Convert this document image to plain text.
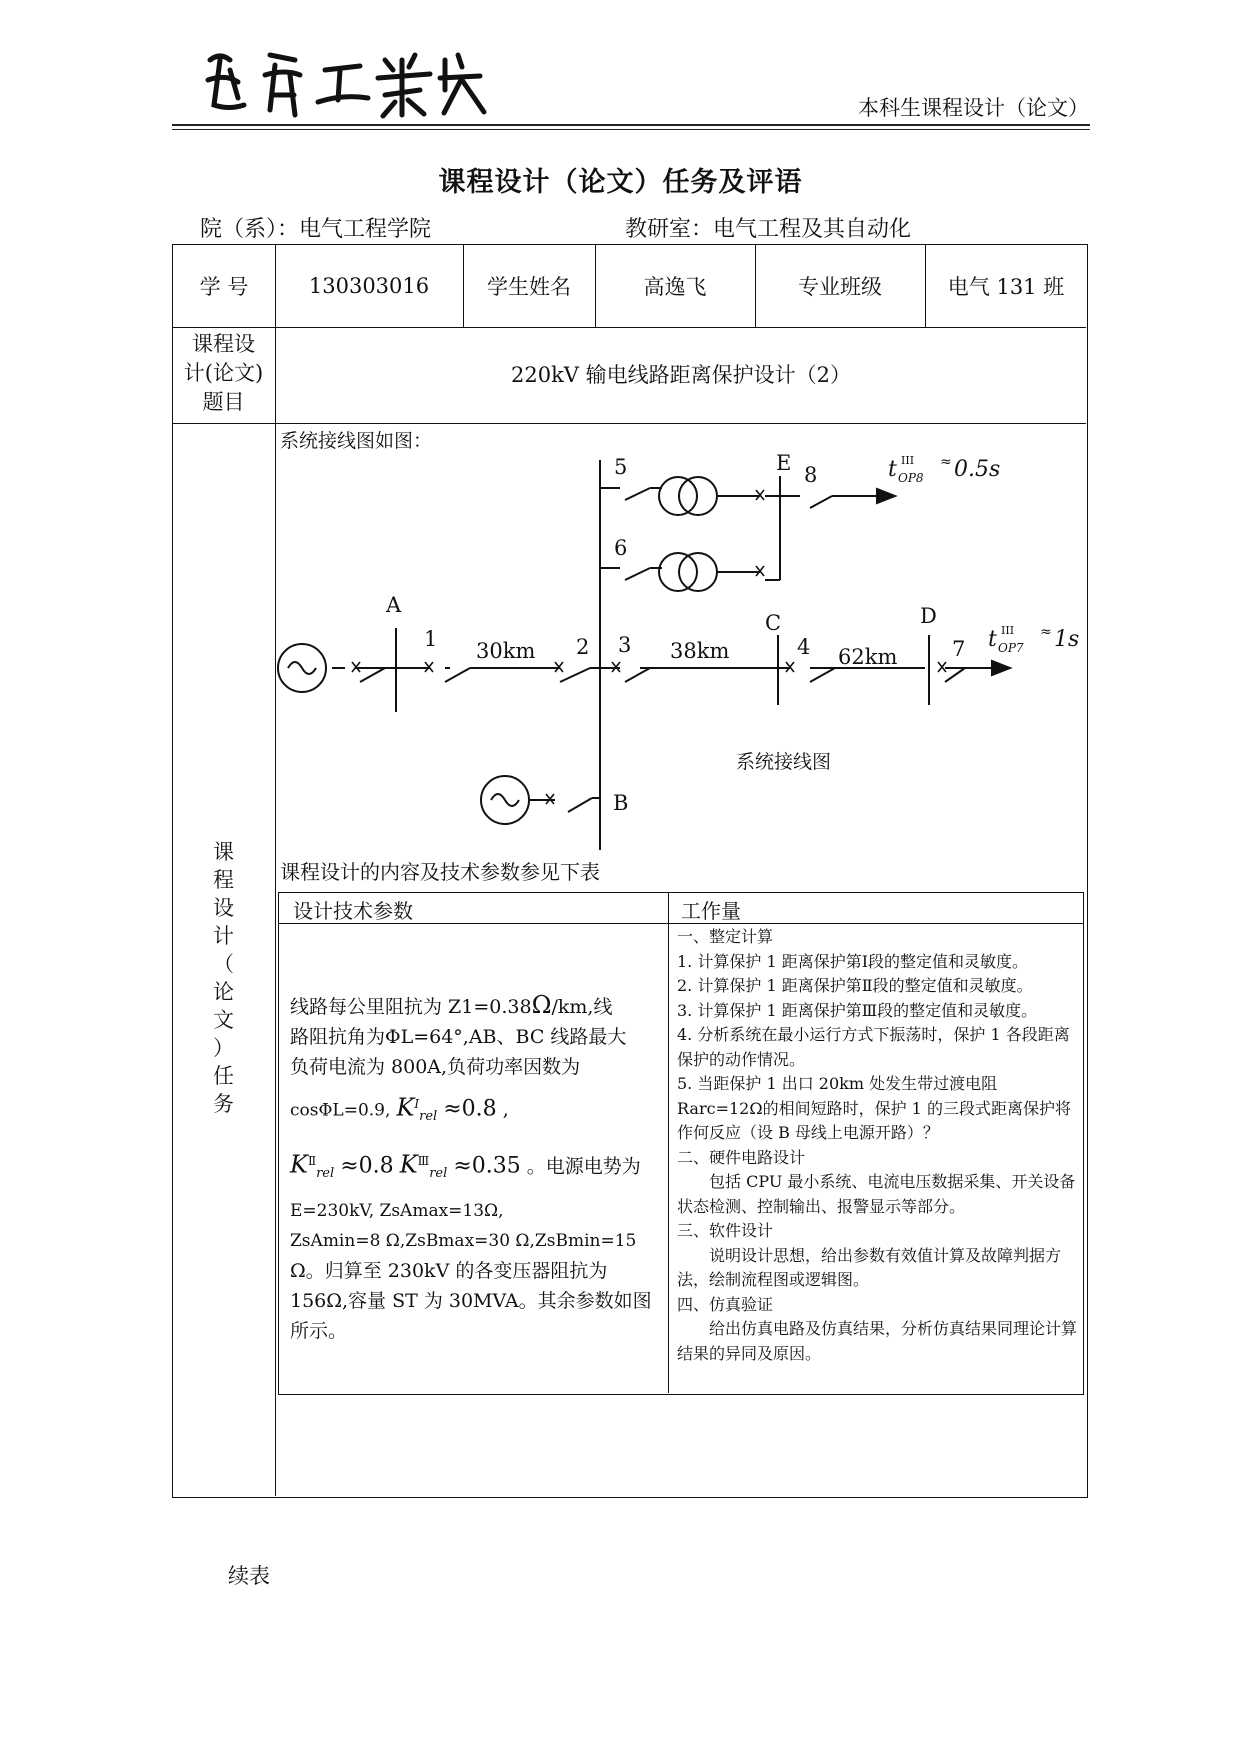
遼寧工業大學
本科生课程设计（论文）
课程设计（论文）任务及评语
院（系）：电气工程学院	教研室：电气工程及其自动化
学 号	130303016	学生姓名	高逸飞	专业班级	电气 131 班
课程设
计(论文)
题目
220kV 输电线路距离保护设计（2）
课
程
设
计
（
论
文
）
任
务
系统接线图如图：
A
B
C	D
E
1	2 3	4
5
6
7
8
30km	38km	62km
系统接线图
t III
OP8
≈ 0.5s
t III
OP7
≈ 1s
课程设计的内容及技术参数参见下表
设计技术参数	工作量
线路每公里阻抗为 Z1=0.38Ω/km,线
路阻抗角为ΦL=64°,AB、BC 线路最大
负荷电流为 800A,负荷功率因数为
cosΦL=0.9, $K^I_{rel} \approx 0.8$ ,
$K^Ⅱ_{rel} \approx 0.8$ $K^Ⅲ_{rel} \approx 0.35$ 。电源电势为
E=230kV, ZsAmax=13Ω,
ZsAmin=8 Ω,ZsBmax=30 Ω,ZsBmin=15
Ω。归算至 230kV 的各变压器阻抗为
156Ω,容量 ST 为 30MVA。其余参数如图
所示。

一、整定计算

1. 计算保护 1 距离保护第Ⅰ段的整定值和灵敏度。

2. 计算保护 1 距离保护第Ⅱ段的整定值和灵敏度。

3. 计算保护 1 距离保护第Ⅲ段的整定值和灵敏度。

4. 分析系统在最小运行方式下振荡时，保护 1 各段距离保护的动作情况。

5. 当距保护 1 出口 20km 处发生带过渡电阻 Rarc=12Ω的相间短路时，保护 1 的三段式距离保护将作何反应（设 B 母线上电源开路）？

二、硬件电路设计

包括 CPU 最小系统、电流电压数据采集、开关设备状态检测、控制输出、报警显示等部分。

三、软件设计

说明设计思想，给出参数有效值计算及故障判据方法，绘制流程图或逻辑图。

四、仿真验证

给出仿真电路及仿真结果，分析仿真结果同理论计算结果的异同及原因。

续表
